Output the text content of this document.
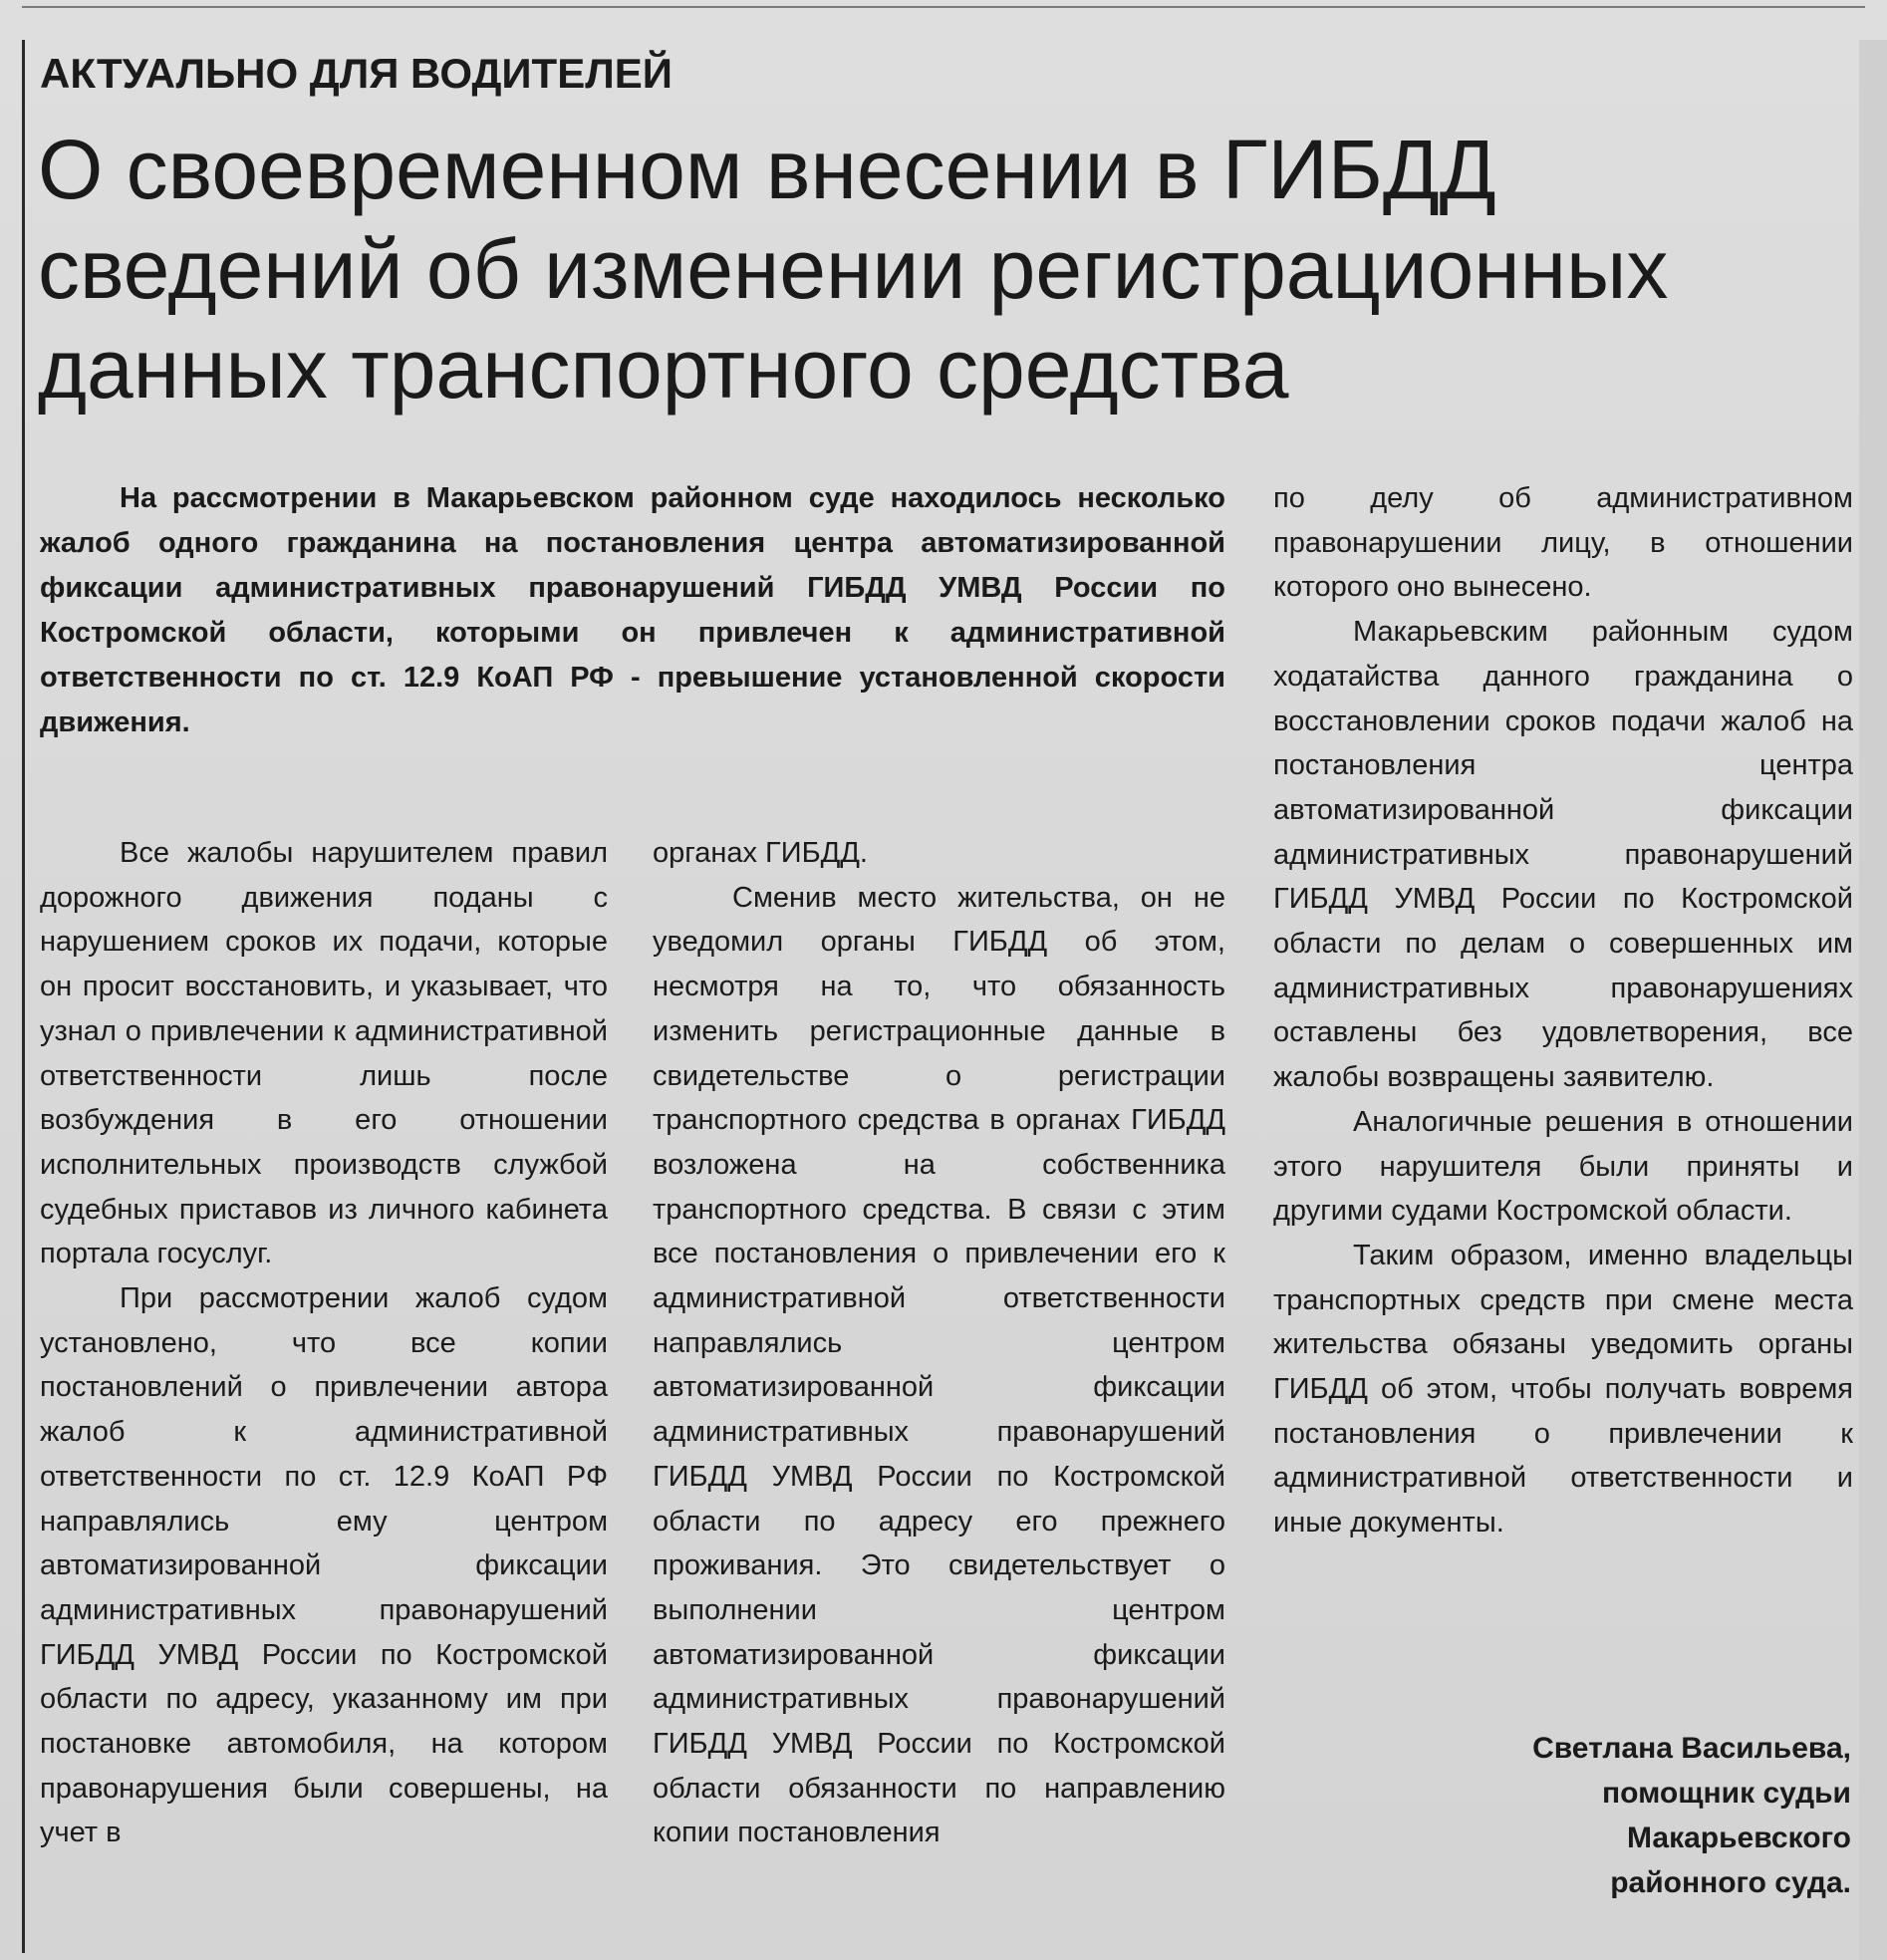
АКТУАЛЬНО ДЛЯ ВОДИТЕЛЕЙ
О своевременном внесении в ГИБДД сведений об изменении регистрационных данных транспортного средства

На рассмотрении в Макарьевском районном суде находилось несколько жалоб одного гражданина на постановления центра автоматизированной фиксации административных правонарушений ГИБДД УМВД России по Костромской области, которыми он привлечен к административной ответственности по ст. 12.9 КоАП РФ - превышение установленной скорости движения.

Все жалобы нарушителем правил дорожного движения поданы с нарушением сроков их подачи, которые он просит восстановить, и указывает, что узнал о привлечении к административной ответственности лишь после возбуждения в его отношении исполнительных производств службой судебных приставов из личного кабинета портала госуслуг.

При рассмотрении жалоб судом установлено, что все копии постановлений о привлечении автора жалоб к административной ответственности по ст. 12.9 КоАП РФ направлялись ему центром автоматизированной фиксации административных правонарушений ГИБДД УМВД России по Костромской области по адресу, указанному им при постановке автомобиля, на котором правонарушения были совершены, на учет в

органах ГИБДД.

Сменив место жительства, он не уведомил органы ГИБДД об этом, несмотря на то, что обязанность изменить регистрационные данные в свидетельстве о регистрации транспортного средства в органах ГИБДД возложена на собственника транспортного средства. В связи с этим все постановления о привлечении его к административной ответственности направлялись центром автоматизированной фиксации административных правонарушений ГИБДД УМВД России по Костромской области по адресу его прежнего проживания. Это свидетельствует о выполнении центром автоматизированной фиксации административных правонарушений ГИБДД УМВД России по Костромской области обязанности по направлению копии постановления

по делу об административном правонарушении лицу, в отношении которого оно вынесено.

Макарьевским районным судом ходатайства данного гражданина о восстановлении сроков подачи жалоб на постановления центра автоматизированной фиксации административных правонарушений ГИБДД УМВД России по Костромской области по делам о совершенных им административных правонарушениях оставлены без удовлетворения, все жалобы возвращены заявителю.

Аналогичные решения в отношении этого нарушителя были приняты и другими судами Костромской области.

Таким образом, именно владельцы транспортных средств при смене места жительства обязаны уведомить органы ГИБДД об этом, чтобы получать вовремя постановления о привлечении к административной ответственности и иные документы.

Светлана Васильева,
помощник судьи
Макарьевского
районного суда.
